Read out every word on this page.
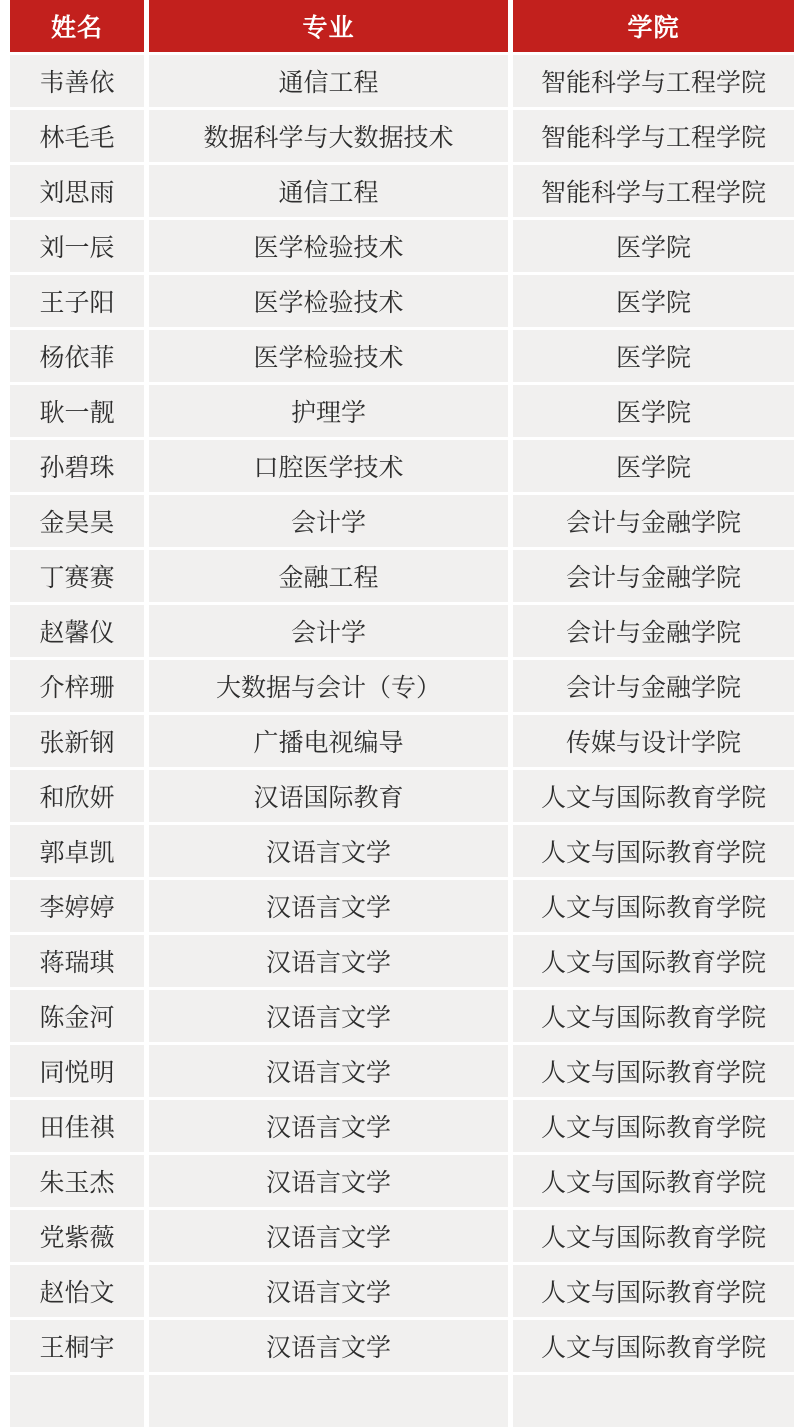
姓名	专业	学院
韦善依	通信工程	智能科学与工程学院
林毛毛	数据科学与大数据技术	智能科学与工程学院
刘思雨	通信工程	智能科学与工程学院
刘一辰	医学检验技术	医学院
王子阳	医学检验技术	医学院
杨依菲	医学检验技术	医学院
耿一靓	护理学	医学院
孙碧珠	口腔医学技术	医学院
金昊昊	会计学	会计与金融学院
丁赛赛	金融工程	会计与金融学院
赵馨仪	会计学	会计与金融学院
介梓珊	大数据与会计（专）	会计与金融学院
张新钢	广播电视编导	传媒与设计学院
和欣妍	汉语国际教育	人文与国际教育学院
郭卓凯	汉语言文学	人文与国际教育学院
李婷婷	汉语言文学	人文与国际教育学院
蒋瑞琪	汉语言文学	人文与国际教育学院
陈金河	汉语言文学	人文与国际教育学院
同悦明	汉语言文学	人文与国际教育学院
田佳祺	汉语言文学	人文与国际教育学院
朱玉杰	汉语言文学	人文与国际教育学院
党紫薇	汉语言文学	人文与国际教育学院
赵怡文	汉语言文学	人文与国际教育学院
王桐宇	汉语言文学	人文与国际教育学院
